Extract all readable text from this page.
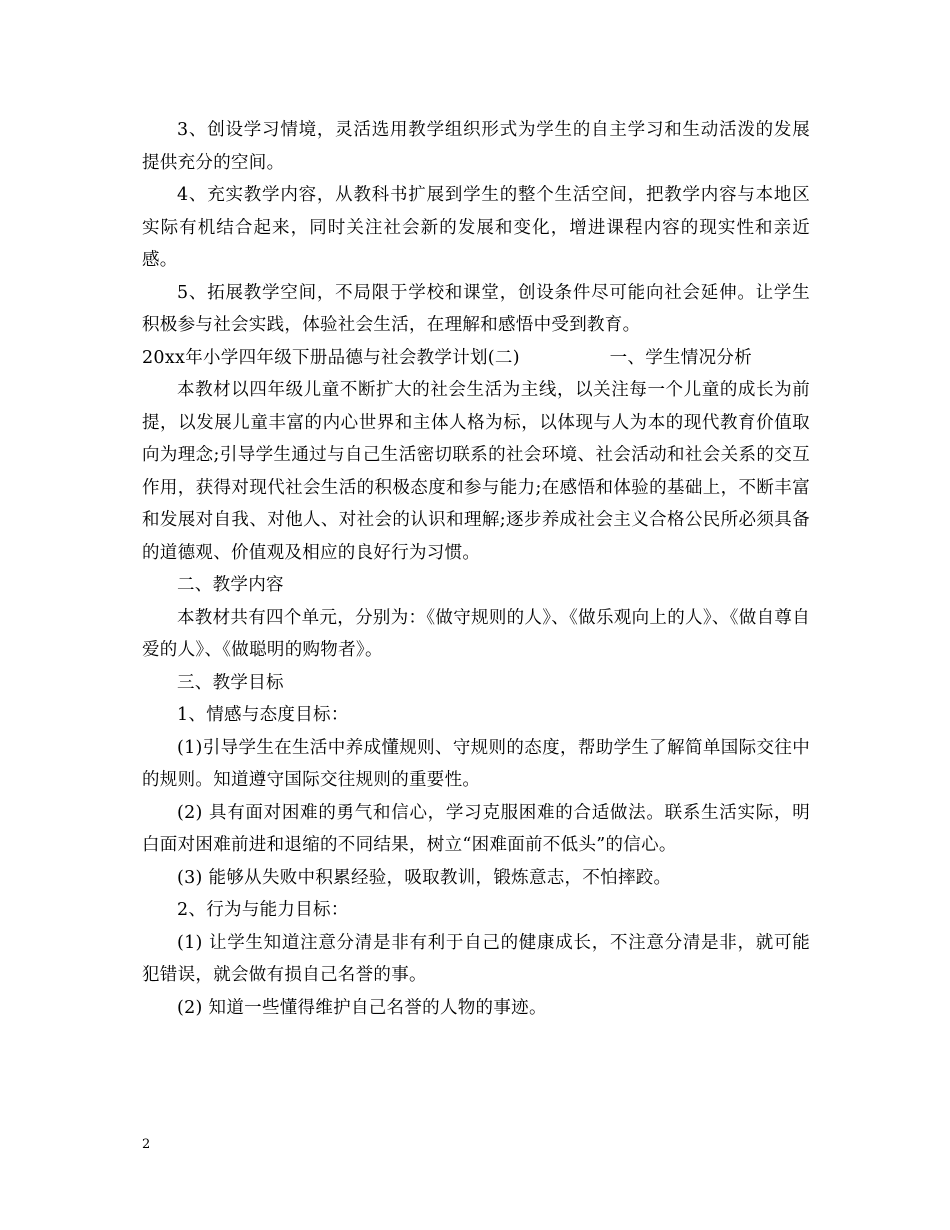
3、创设学习情境，灵活选用教学组织形式为学生的自主学习和生动活泼的发展提供充分的空间。

4、充实教学内容，从教科书扩展到学生的整个生活空间，把教学内容与本地区实际有机结合起来，同时关注社会新的发展和变化，增进课程内容的现实性和亲近感。

5、拓展教学空间，不局限于学校和课堂，创设条件尽可能向社会延伸。让学生积极参与社会实践，体验社会生活，在理解和感悟中受到教育。

20xx年小学四年级下册品德与社会教学计划(二)	一、学生情况分析

本教材以四年级儿童不断扩大的社会生活为主线，以关注每一个儿童的成长为前提，以发展儿童丰富的内心世界和主体人格为标，以体现与人为本的现代教育价值取向为理念;引导学生通过与自己生活密切联系的社会环境、社会活动和社会关系的交互作用，获得对现代社会生活的积极态度和参与能力;在感悟和体验的基础上，不断丰富和发展对自我、对他人、对社会的认识和理解;逐步养成社会主义合格公民所必须具备的道德观、价值观及相应的良好行为习惯。

二、教学内容

本教材共有四个单元，分别为：《做守规则的人》、《做乐观向上的人》、《做自尊自爱的人》、《做聪明的购物者》。

三、教学目标

1、情感与态度目标：

(1)引导学生在生活中养成懂规则、守规则的态度，帮助学生了解简单国际交往中的规则。知道遵守国际交往规则的重要性。

(2) 具有面对困难的勇气和信心，学习克服困难的合适做法。联系生活实际，明白面对困难前进和退缩的不同结果，树立“困难面前不低头”的信心。

(3) 能够从失败中积累经验，吸取教训，锻炼意志，不怕摔跤。

2、行为与能力目标：

(1) 让学生知道注意分清是非有利于自己的健康成长，不注意分清是非，就可能犯错误，就会做有损自己名誉的事。

(2) 知道一些懂得维护自己名誉的人物的事迹。

2
